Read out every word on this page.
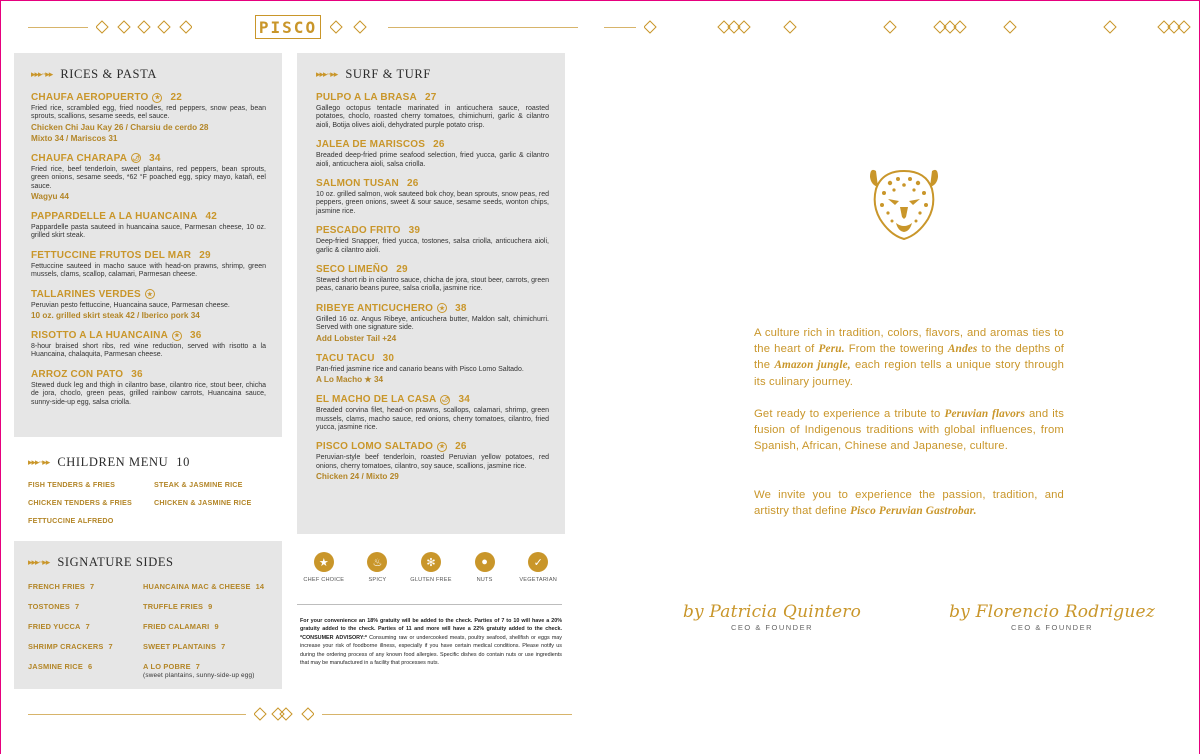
PISCO
▸▸▸··▸▸ RICES & PASTA
CHAUFA AEROPUERTO	★ 22
Fried rice, scrambled egg, fried noodles, red peppers, snow peas, bean sprouts, scallions, sesame seeds, eel sauce.
Chicken Chi Jau Kay 26 / Charsiu de cerdo 28
Mixto 34 / Mariscos 31
CHAUFA CHARAPA 🌶 34
Fried rice, beef tenderloin, sweet plantains, red peppers, bean sprouts, green onions, sesame seeds, *62 °F poached egg, spicy mayo, katañ, eel sauce.
Wagyu 44
PAPPARDELLE A LA HUANCAINA 42
Pappardelle pasta sauteed in huancaina sauce, Parmesan cheese, 10 oz. grilled skirt steak.
FETTUCCINE FRUTOS DEL MAR 29
Fettuccine sauteed in macho sauce with head-on prawns, shrimp, green mussels, clams, scallop, calamari, Parmesan cheese.
TALLARINES VERDES	★
Peruvian pesto fettuccine, Huancaina sauce, Parmesan cheese.
10 oz. grilled skirt steak 42 / Iberico pork 34
RISOTTO A LA HUANCAINA	★ 36
8-hour braised short ribs, red wine reduction, served with risotto a la Huancaina, chalaquita, Parmesan cheese.
ARROZ CON PATO 36
Stewed duck leg and thigh in cilantro base, cilantro rice, stout beer, chicha de jora, choclo, green peas, grilled rainbow carrots, Huancaina sauce, sunny-side-up egg, salsa criolla.
▸▸▸··▸▸ CHILDREN MENU 10
FISH TENDERS & FRIES	STEAK & JASMINE RICE
CHICKEN TENDERS & FRIES	CHICKEN & JASMINE RICE
FETTUCCINE ALFREDO
▸▸▸··▸▸ SIGNATURE SIDES
FRENCH FRIES 7	HUANCAINA MAC & CHEESE 14
TOSTONES 7	TRUFFLE FRIES 9
FRIED YUCCA 7	FRIED CALAMARI 9
SHRIMP CRACKERS 7	SWEET PLANTAINS 7
JASMINE RICE 6	A LO POBRE 7
(sweet plantains, sunny-side-up egg)
▸▸▸··▸▸ SURF & TURF
PULPO A LA BRASA 27
Gallego octopus tentacle marinated in anticuchera sauce, roasted potatoes, choclo, roasted cherry tomatoes, chimichurri, garlic & cilantro aioli, Botija olives aioli, dehydrated purple potato crisp.
JALEA DE MARISCOS 26
Breaded deep-fried prime seafood selection, fried yucca, garlic & cilantro aioli, anticuchera aioli, salsa criolla.
SALMON TUSAN 26
10 oz. grilled salmon, wok sauteed bok choy, bean sprouts, snow peas, red peppers, green onions, sweet & sour sauce, sesame seeds, wonton chips, jasmine rice.
PESCADO FRITO 39
Deep-fried Snapper, fried yucca, tostones, salsa criolla, anticuchera aioli, garlic & cilantro aioli.
SECO LIMEÑO 29
Stewed short rib in cilantro sauce, chicha de jora, stout beer, carrots, green peas, canario beans puree, salsa criolla, jasmine rice.
RIBEYE ANTICUCHERO	★ 38
Grilled 16 oz. Angus Ribeye, anticuchera butter, Maldon salt, chimichurri. Served with one signature side.
Add Lobster Tail +24
TACU TACU 30
Pan-fried jasmine rice and canario beans with Pisco Lomo Saltado.
A Lo Macho ★ 34
EL MACHO DE LA CASA 🌶 34
Breaded corvina filet, head-on prawns, scallops, calamari, shrimp, green mussels, clams, macho sauce, red onions, cherry tomatoes, cilantro, fried yucca, jasmine rice.
PISCO LOMO SALTADO	★ 26
Peruvian-style beef tenderloin, roasted Peruvian yellow potatoes, red onions, cherry tomatoes, cilantro, soy sauce, scallions, jasmine rice.
Chicken 24 / Mixto 29
★
CHEF CHOICE
♨
SPICY
✻
GLUTEN FREE
●
NUTS
✓
VEGETARIAN
For your convenience an 18% gratuity will be added to the check. Parties of 7 to 10 will have a 20% gratuity added to the check. Parties of 11 and more will have a 22% gratuity added to the check. *CONSUMER ADVISORY:* Consuming raw or undercooked meats, poultry seafood, shellfish or eggs may increase your risk of foodborne illness, especially if you have certain medical conditions. Please notify us during the ordering process of any known food allergies. Specific dishes do contain nuts or use ingredients that may be manufactured in a facility that processes nuts.
A culture rich in tradition, colors, flavors, and aromas ties to the heart of Peru. From the towering Andes to the depths of the Amazon jungle, each region tells a unique story through its culinary journey.
Get ready to experience a tribute to Peruvian flavors and its fusion of Indigenous traditions with global influences, from Spanish, African, Chinese and Japanese, culture.
We invite you to experience the passion, tradition, and artistry that define Pisco Peruvian Gastrobar.
by Patricia Quintero
CEO & FOUNDER
by Florencio Rodriguez
CEO & FOUNDER
